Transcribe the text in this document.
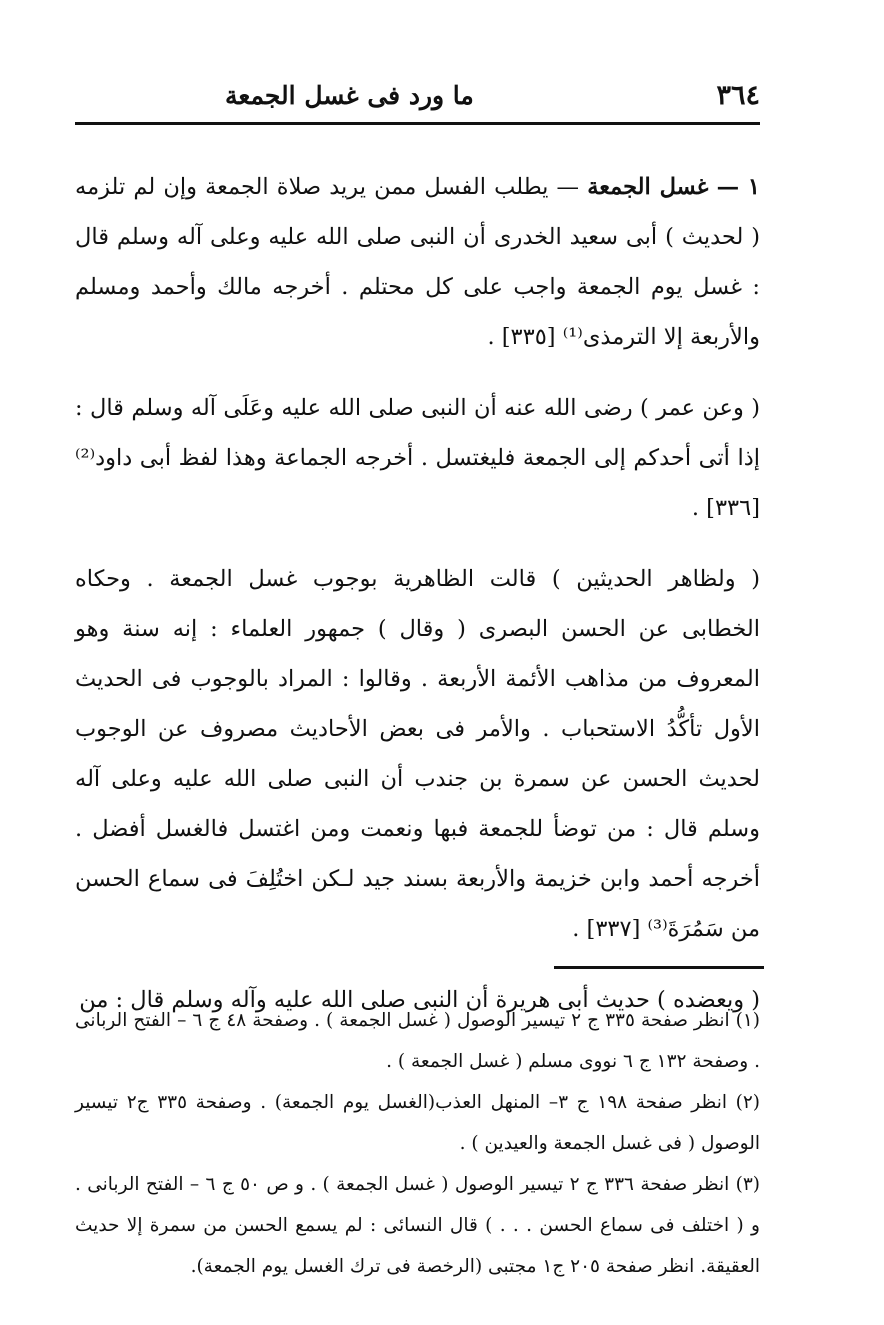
٣٦٤
ما ورد فى غسل الجمعة

١ — غسل الجمعة — يطلب الفسل ممن يريد صلاة الجمعة وإن لم تلزمه ( لحديث ) أبى سعيد الخدرى أن النبى صلى الله عليه وعلى آله وسلم قال : غسل يوم الجمعة واجب على كل محتلم . أخرجه مالك وأحمد ومسلم والأربعة إلا الترمذى⁽¹⁾ [٣٣٥] .

( وعن عمر ) رضى الله عنه أن النبى صلى الله عليه وعَلَى آله وسلم قال : إذا أتى أحدكم إلى الجمعة فليغتسل . أخرجه الجماعة وهذا لفظ أبى داود⁽²⁾ [٣٣٦] .

( ولظاهر الحديثين ) قالت الظاهرية بوجوب غسل الجمعة . وحكاه الخطابى عن الحسن البصرى ( وقال ) جمهور العلماء : إنه سنة وهو المعروف من مذاهب الأئمة الأربعة . وقالوا : المراد بالوجوب فى الحديث الأول تأكُّدُ الاستحباب . والأمر فى بعض الأحاديث مصروف عن الوجوب لحديث الحسن عن سمرة بن جندب أن النبى صلى الله عليه وعلى آله وسلم قال : من توضأ للجمعة فبها ونعمت ومن اغتسل فالغسل أفضل . أخرجه أحمد وابن خزيمة والأربعة بسند جيد لـكن اختُلِفَ فى سماع الحسن من سَمُرَةَ⁽³⁾ [٣٣٧] .

( ويعضده ) حديث أبى هريرة أن النبى صلى الله عليه وآله وسلم قال : من

(١) انظر صفحة ٣٣٥ ج ٢ تيسير الوصول ( غسل الجمعة ) . وصفحة ٤٨ ج ٦ – الفتح الربانى . وصفحة ١٣٢ ج ٦ نووى مسلم ( غسل الجمعة ) .

(٢) انظر صفحة ١٩٨ ج ٣– المنهل العذب(الغسل يوم الجمعة) . وصفحة ٣٣٥ ج٢ تيسير الوصول ( فى غسل الجمعة والعيدين ) .

(٣) انظر صفحة ٣٣٦ ج ٢ تيسير الوصول ( غسل الجمعة ) . و ص ٥٠ ج ٦ – الفتح الربانى . و ( اختلف فى سماع الحسن . . . ) قال النسائى : لم يسمع الحسن من سمرة إلا حديث العقيقة. انظر صفحة ٢٠٥ ج١ مجتبى (الرخصة فى ترك الغسل يوم الجمعة).
